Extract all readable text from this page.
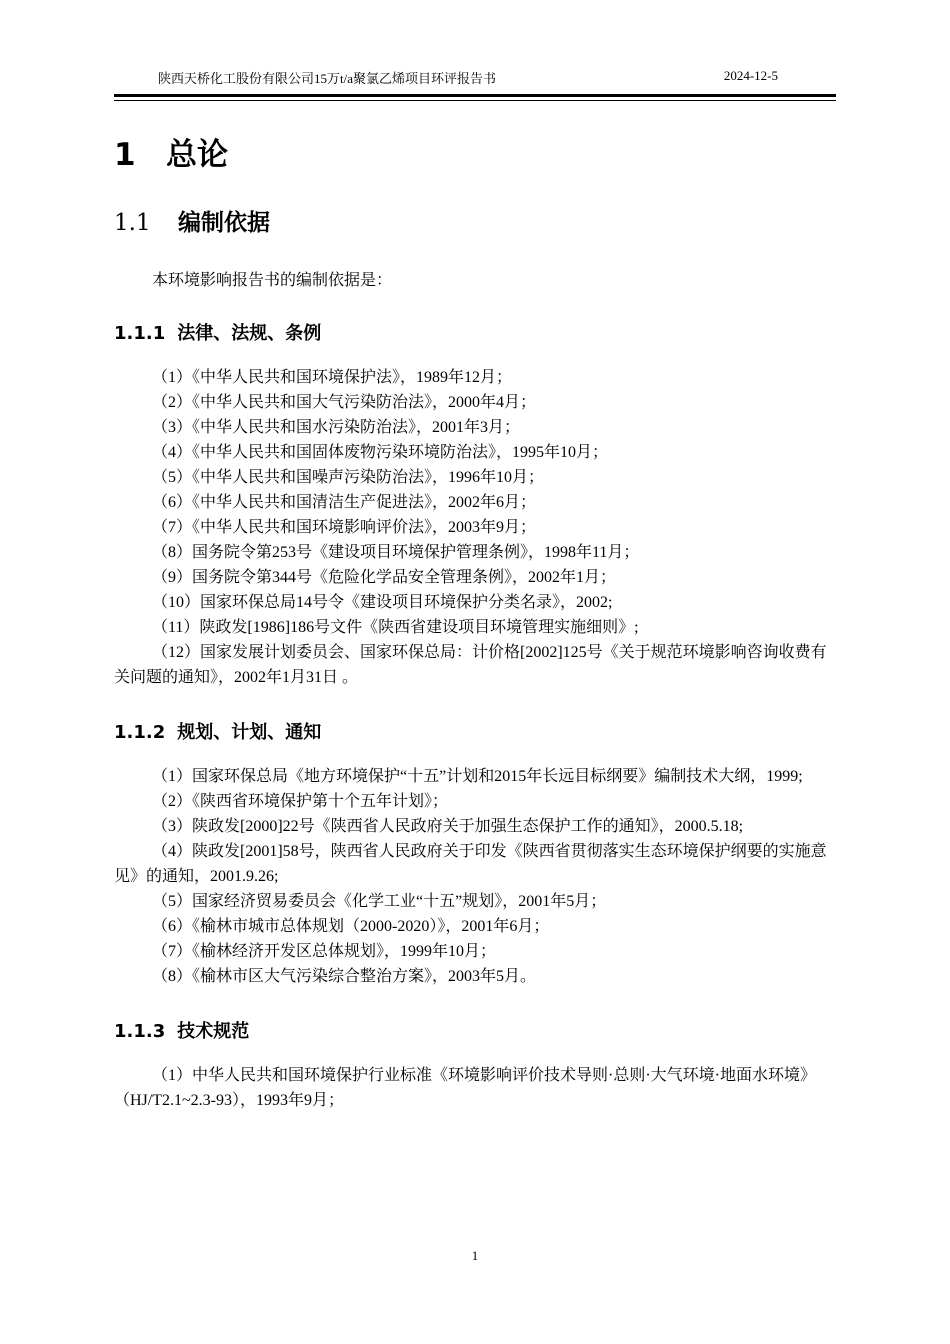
陕西天桥化工股份有限公司15万t/a聚氯乙烯项目环评报告书	2024-12-5
1 总论
1.1 编制依据
本环境影响报告书的编制依据是：
1.1.1 法律、法规、条例
（1）《中华人民共和国环境保护法》，1989年12月；
（2）《中华人民共和国大气污染防治法》，2000年4月；
（3）《中华人民共和国水污染防治法》，2001年3月；
（4）《中华人民共和国固体废物污染环境防治法》，1995年10月；
（5）《中华人民共和国噪声污染防治法》，1996年10月；
（6）《中华人民共和国清洁生产促进法》，2002年6月；
（7）《中华人民共和国环境影响评价法》，2003年9月；
（8）国务院令第253号《建设项目环境保护管理条例》，1998年11月；
（9）国务院令第344号《危险化学品安全管理条例》，2002年1月；
（10）国家环保总局14号令《建设项目环境保护分类名录》，2002;
（11）陕政发[1986]186号文件《陕西省建设项目环境管理实施细则》;
（12）国家发展计划委员会、国家环保总局：计价格[2002]125号《关于规范环境影响咨询收费有关问题的通知》，2002年1月31日 。
1.1.2 规划、计划、通知
（1）国家环保总局《地方环境保护“十五”计划和2015年长远目标纲要》编制技术大纲，1999;
（2）《陕西省环境保护第十个五年计划》；
（3）陕政发[2000]22号《陕西省人民政府关于加强生态保护工作的通知》，2000.5.18;
（4）陕政发[2001]58号，陕西省人民政府关于印发《陕西省贯彻落实生态环境保护纲要的实施意见》的通知，2001.9.26;
（5）国家经济贸易委员会《化学工业“十五”规划》，2001年5月；
（6）《榆林市城市总体规划（2000-2020）》，2001年6月；
（7）《榆林经济开发区总体规划》，1999年10月；
（8）《榆林市区大气污染综合整治方案》，2003年5月。
1.1.3 技术规范
（1）中华人民共和国环境保护行业标准《环境影响评价技术导则·总则·大气环境·地面水环境》（HJ/T2.1~2.3-93），1993年9月；
1
